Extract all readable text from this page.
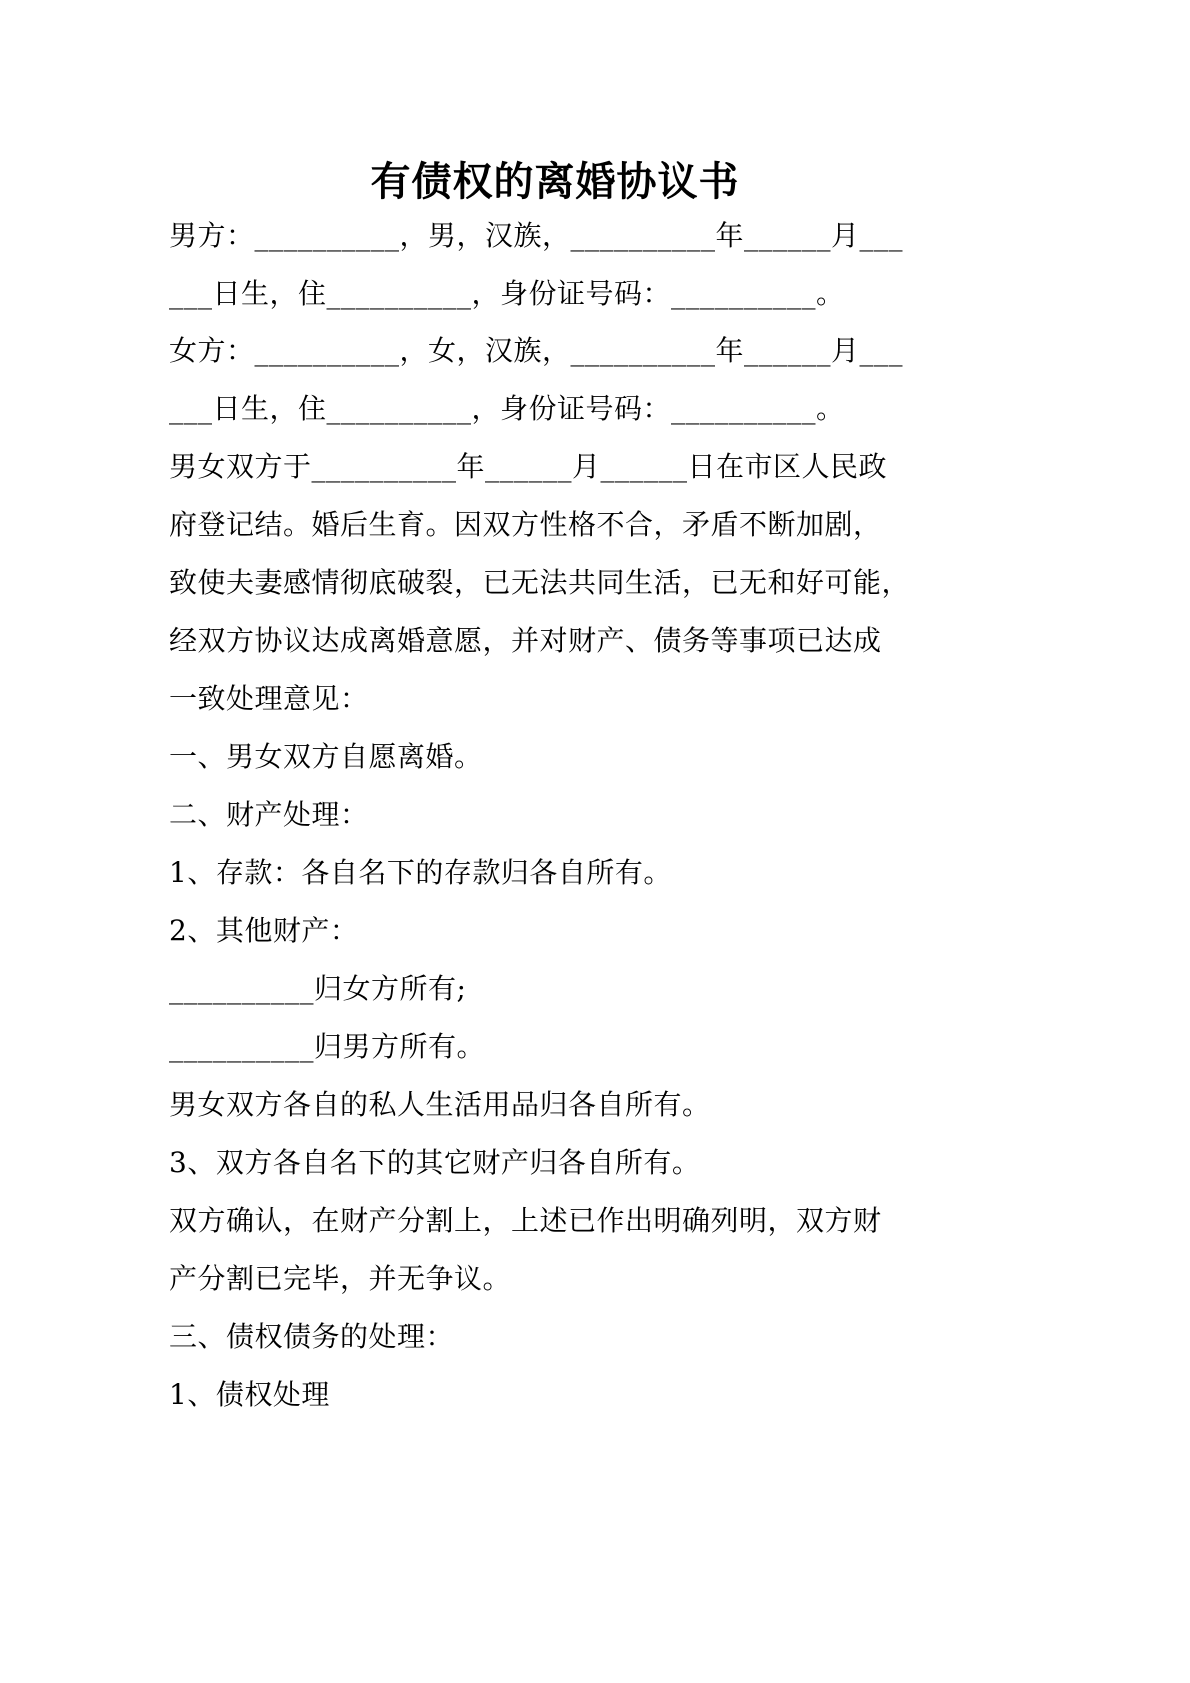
有债权的离婚协议书
男方：__________，男，汉族，__________年______月___
___日生，住__________，身份证号码：__________。
女方：__________，女，汉族，__________年______月___
___日生，住__________，身份证号码：__________。
男女双方于__________年______月______日在市区人民政
府登记结。婚后生育。因双方性格不合，矛盾不断加剧，
致使夫妻感情彻底破裂，已无法共同生活，已无和好可能，
经双方协议达成离婚意愿，并对财产、债务等事项已达成
一致处理意见：
一、男女双方自愿离婚。
二、财产处理：
1、存款：各自名下的存款归各自所有。
2、其他财产：
__________归女方所有;
__________归男方所有。
男女双方各自的私人生活用品归各自所有。
3、双方各自名下的其它财产归各自所有。
双方确认，在财产分割上，上述已作出明确列明，双方财
产分割已完毕，并无争议。
三、债权债务的处理：
1、债权处理
